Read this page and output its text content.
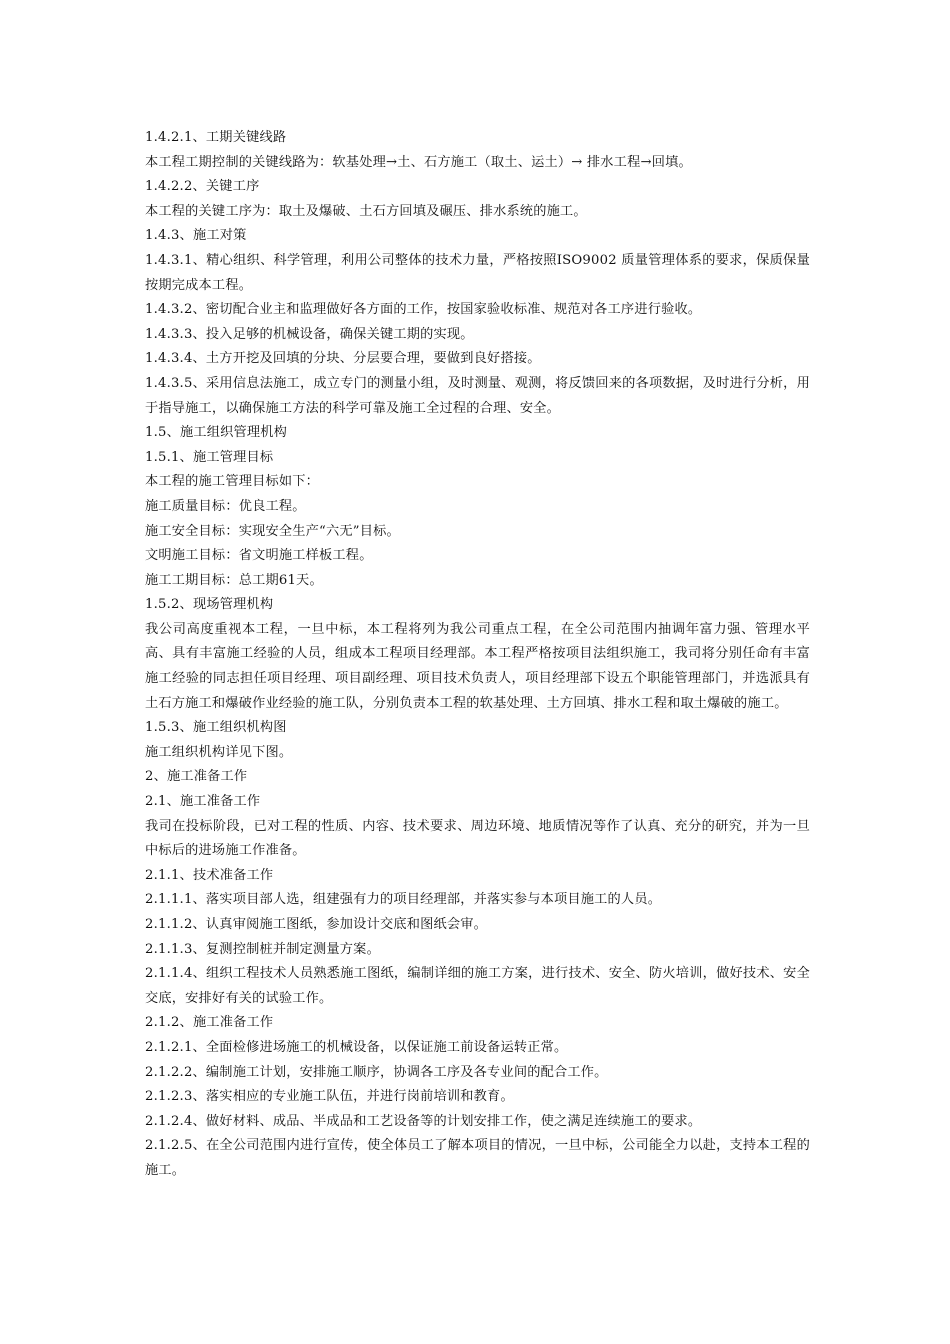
1.4.2.1、工期关键线路

本工程工期控制的关键线路为：软基处理→土、石方施工（取土、运土）→ 排水工程→回填。

1.4.2.2、关键工序

本工程的关键工序为：取土及爆破、土石方回填及碾压、排水系统的施工。

1.4.3、施工对策

1.4.3.1、精心组织、科学管理，利用公司整体的技术力量，严格按照ISO9002 质量管理体系的要求，保质保量按期完成本工程。

1.4.3.2、密切配合业主和监理做好各方面的工作，按国家验收标准、规范对各工序进行验收。

1.4.3.3、投入足够的机械设备，确保关键工期的实现。

1.4.3.4、土方开挖及回填的分块、分层要合理，要做到良好搭接。

1.4.3.5、采用信息法施工，成立专门的测量小组，及时测量、观测，将反馈回来的各项数据，及时进行分析，用于指导施工，以确保施工方法的科学可靠及施工全过程的合理、安全。

1.5、施工组织管理机构

1.5.1、施工管理目标

本工程的施工管理目标如下：

施工质量目标：优良工程。

施工安全目标：实现安全生产“六无”目标。

文明施工目标：省文明施工样板工程。

施工工期目标：总工期61天。

1.5.2、现场管理机构

我公司高度重视本工程，一旦中标，本工程将列为我公司重点工程，在全公司范围内抽调年富力强、管理水平高、具有丰富施工经验的人员，组成本工程项目经理部。本工程严格按项目法组织施工，我司将分别任命有丰富施工经验的同志担任项目经理、项目副经理、项目技术负责人，项目经理部下设五个职能管理部门，并选派具有土石方施工和爆破作业经验的施工队，分别负责本工程的软基处理、土方回填、排水工程和取土爆破的施工。

1.5.3、施工组织机构图

施工组织机构详见下图。

2、施工准备工作

2.1、施工准备工作

我司在投标阶段，已对工程的性质、内容、技术要求、周边环境、地质情况等作了认真、充分的研究，并为一旦中标后的进场施工作准备。

2.1.1、技术准备工作

2.1.1.1、落实项目部人选，组建强有力的项目经理部，并落实参与本项目施工的人员。

2.1.1.2、认真审阅施工图纸，参加设计交底和图纸会审。

2.1.1.3、复测控制桩并制定测量方案。

2.1.1.4、组织工程技术人员熟悉施工图纸，编制详细的施工方案，进行技术、安全、防火培训，做好技术、安全交底，安排好有关的试验工作。

2.1.2、施工准备工作

2.1.2.1、全面检修进场施工的机械设备，以保证施工前设备运转正常。

2.1.2.2、编制施工计划，安排施工顺序，协调各工序及各专业间的配合工作。

2.1.2.3、落实相应的专业施工队伍，并进行岗前培训和教育。

2.1.2.4、做好材料、成品、半成品和工艺设备等的计划安排工作，使之满足连续施工的要求。

2.1.2.5、在全公司范围内进行宣传，使全体员工了解本项目的情况，一旦中标，公司能全力以赴，支持本工程的施工。
